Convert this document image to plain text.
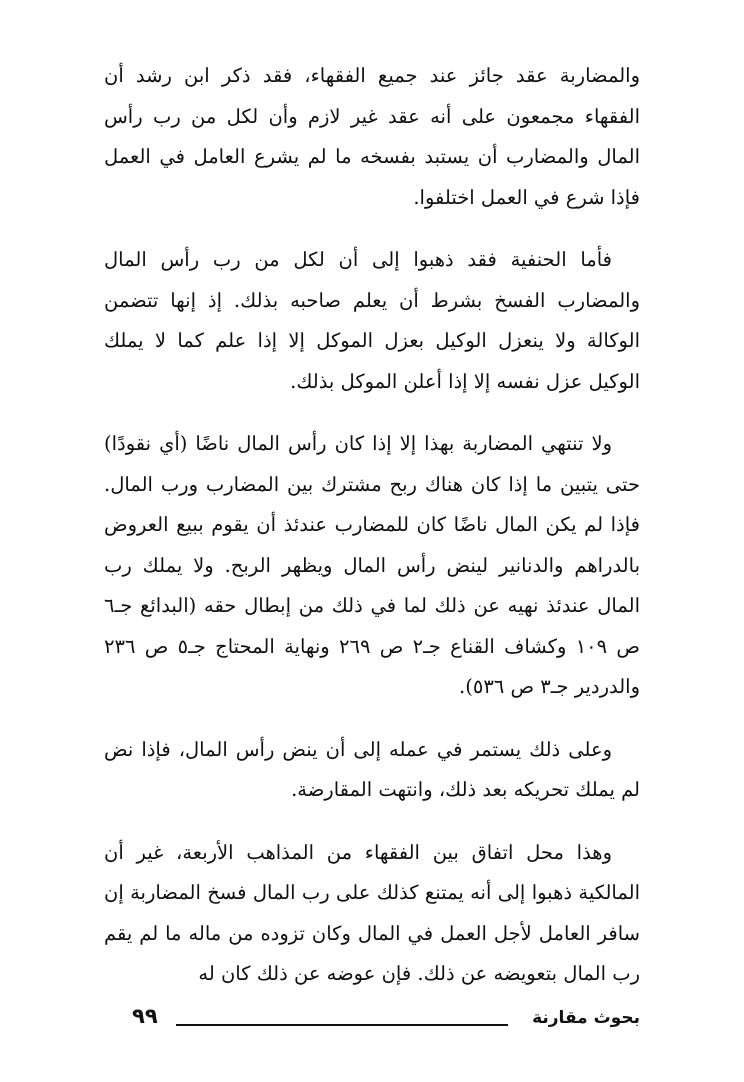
والمضاربة عقد جائز عند جميع الفقهاء، فقد ذكر ابن رشد أن الفقهاء مجمعون على أنه عقد غير لازم وأن لكل من رب رأس المال والمضارب أن يستبد بفسخه ما لم يشرع العامل في العمل فإذا شرع في العمل اختلفوا.

فأما الحنفية فقد ذهبوا إلى أن لكل من رب رأس المال والمضارب الفسخ بشرط أن يعلم صاحبه بذلك. إذ إنها تتضمن الوكالة ولا ينعزل الوكيل بعزل الموكل إلا إذا علم كما لا يملك الوكيل عزل نفسه إلا إذا أعلن الموكل بذلك.

ولا تنتهي المضاربة بهذا إلا إذا كان رأس المال ناضًا (أي نقودًا) حتى يتبين ما إذا كان هناك ربح مشترك بين المضارب ورب المال. فإذا لم يكن المال ناضًا كان للمضارب عندئذ أن يقوم ببيع العروض بالدراهم والدنانير لينض رأس المال ويظهر الربح. ولا يملك رب المال عندئذ نهيه عن ذلك لما في ذلك من إبطال حقه (البدائع جـ٦ ص ١٠٩ وكشاف القناع جـ٢ ص ٢٦٩ ونهاية المحتاج جـ٥ ص ٢٣٦ والدردير جـ٣ ص ٥٣٦).

وعلى ذلك يستمر في عمله إلى أن ينض رأس المال، فإذا نض لم يملك تحريكه بعد ذلك، وانتهت المقارضة.

وهذا محل اتفاق بين الفقهاء من المذاهب الأربعة، غير أن المالكية ذهبوا إلى أنه يمتنع كذلك على رب المال فسخ المضاربة إن سافر العامل لأجل العمل في المال وكان تزوده من ماله ما لم يقم رب المال بتعويضه عن ذلك. فإن عوضه عن ذلك كان له

٩٩	بحوث مقارنة
